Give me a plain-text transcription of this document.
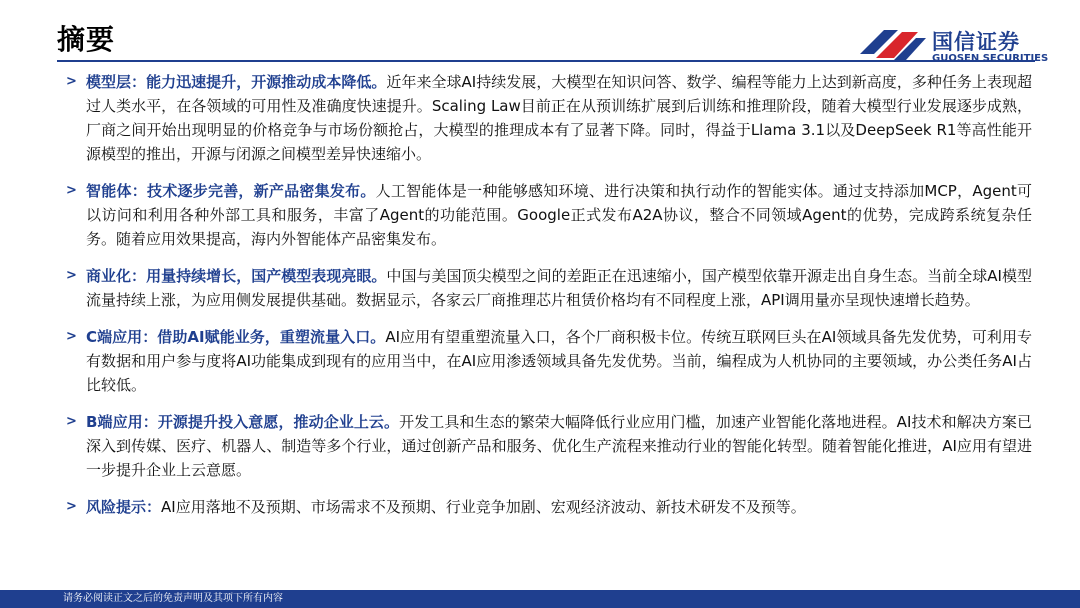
摘要	国信证券
GUOSEN SECURITIES
> 模型层：能力迅速提升，开源推动成本降低。近年来全球AI持续发展，大模型在知识问答、数学、编程等能力上达到新高度，多种任务上表现超过人类水平，在各领域的可用性及准确度快速提升。Scaling Law目前正在从预训练扩展到后训练和推理阶段，随着大模型行业发展逐步成熟，厂商之间开始出现明显的价格竞争与市场份额抢占，大模型的推理成本有了显著下降。同时，得益于Llama 3.1以及DeepSeek R1等高性能开源模型的推出，开源与闭源之间模型差异快速缩小。
> 智能体：技术逐步完善，新产品密集发布。人工智能体是一种能够感知环境、进行决策和执行动作的智能实体。通过支持添加MCP，Agent可以访问和利用各种外部工具和服务，丰富了Agent的功能范围。Google正式发布A2A协议，整合不同领域Agent的优势，完成跨系统复杂任务。随着应用效果提高，海内外智能体产品密集发布。
> 商业化：用量持续增长，国产模型表现亮眼。中国与美国顶尖模型之间的差距正在迅速缩小，国产模型依靠开源走出自身生态。当前全球AI模型流量持续上涨，为应用侧发展提供基础。数据显示，各家云厂商推理芯片租赁价格均有不同程度上涨，API调用量亦呈现快速增长趋势。
> C端应用：借助AI赋能业务，重塑流量入口。AI应用有望重塑流量入口，各个厂商积极卡位。传统互联网巨头在AI领域具备先发优势，可利用专有数据和用户参与度将AI功能集成到现有的应用当中，在AI应用渗透领域具备先发优势。当前，编程成为人机协同的主要领域，办公类任务AI占比较低。
> B端应用：开源提升投入意愿，推动企业上云。开发工具和生态的繁荣大幅降低行业应用门槛，加速产业智能化落地进程。AI技术和解决方案已深入到传媒、医疗、机器人、制造等多个行业，通过创新产品和服务、优化生产流程来推动行业的智能化转型。随着智能化推进，AI应用有望进一步提升企业上云意愿。
> 风险提示：AI应用落地不及预期、市场需求不及预期、行业竞争加剧、宏观经济波动、新技术研发不及预等。
请务必阅读正文之后的免责声明及其项下所有内容
